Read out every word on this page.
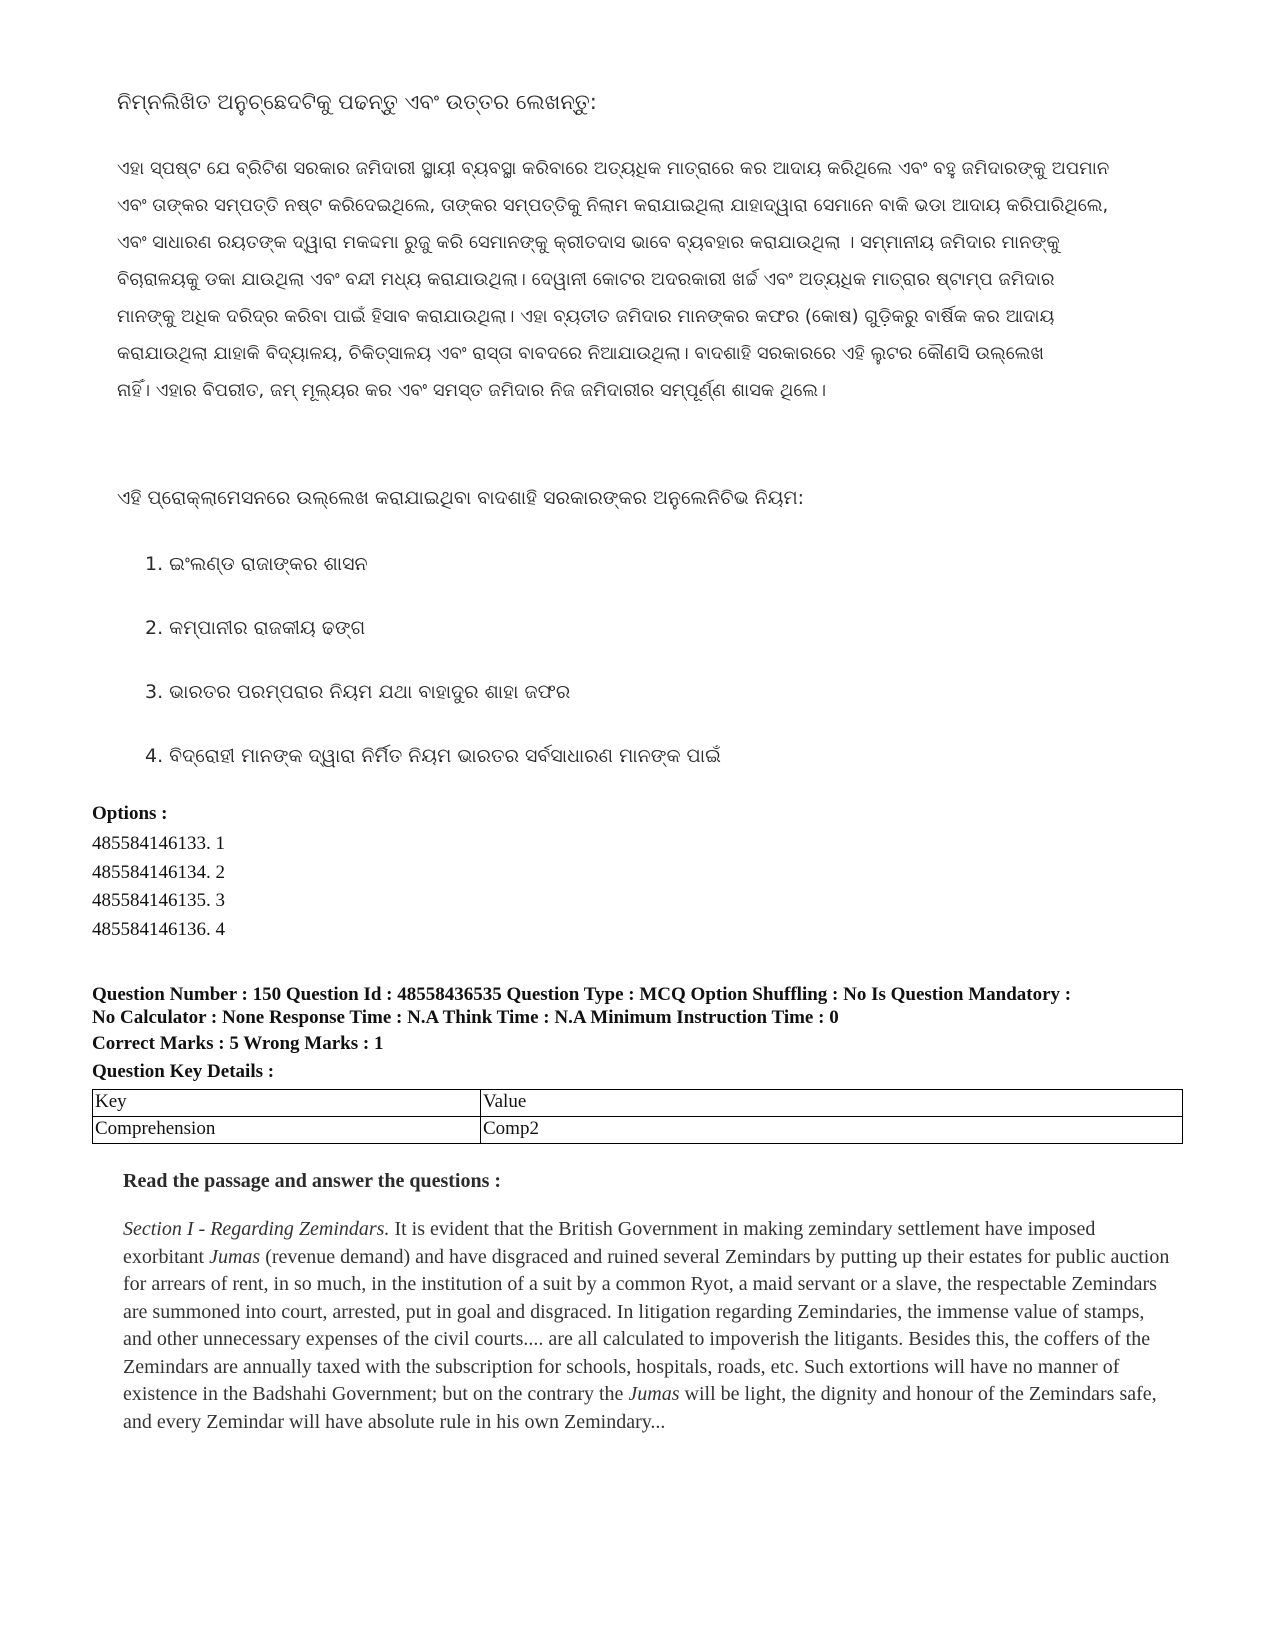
ନିମ୍ନଲିଖିତ ଅନୁଚ୍ଛେଦଟିକୁ ପଢନ୍ତୁ ଏବଂ ଉତ୍ତର ଲେଖନ୍ତୁ:

ଏହା ସ୍ପଷ୍ଟ ଯେ ବ୍ରିଟିଶ ସରକାର ଜମିଦାରୀ ସ୍ଥାୟୀ ବ୍ୟବସ୍ଥା କରିବାରେ ଅତ୍ୟଧିକ ମାତ୍ରାରେ କର ଆଦାୟ କରିଥିଲେ ଏବଂ ବହୁ ଜମିଦାରଙ୍କୁ ଅପମାନ

ଏବଂ ତାଙ୍କର ସମ୍ପତ୍ତି ନଷ୍ଟ କରିଦେଇଥିଲେ, ତାଙ୍କର ସମ୍ପତ୍ତିକୁ ନିଲାମ କରାଯାଇଥିଲା ଯାହାଦ୍ୱାରା ସେମାନେ ବାକି ଭଡା ଆଦାୟ କରିପାରିଥିଲେ,

ଏବଂ ସାଧାରଣ ରୟତଙ୍କ ଦ୍ୱାରା ମକଦ୍ଦମା ରୁଜୁ କରି ସେମାନଙ୍କୁ କ୍ରୀତଦାସ ଭାବେ ବ୍ୟବହାର କରାଯାଉଥିଲା । ସମ୍ମାନୀୟ ଜମିଦାର ମାନଙ୍କୁ

ବିଚାରାଳୟକୁ ଡକା ଯାଉଥିଲା ଏବଂ ବନ୍ଦୀ ମଧ୍ୟ କରାଯାଉଥିଲା। ଦେୱାନୀ କୋଟର ଅଦରକାରୀ ଖର୍ଚ୍ଚ ଏବଂ ଅତ୍ୟଧିକ ମାତ୍ରାର ଷ୍ଟାମ୍ପ ଜମିଦାର

ମାନଙ୍କୁ ଅଧିକ ଦରିଦ୍ର କରିବା ପାଇଁ ହିସାବ କରାଯାଉଥିଲା। ଏହା ବ୍ୟତୀତ ଜମିଦାର ମାନଙ୍କର କଫର (କୋଷ) ଗୁଡ଼ିକରୁ ବାର୍ଷିକ କର ଆଦାୟ

କରାଯାଉଥିଲା ଯାହାକି ବିଦ୍ୟାଳୟ, ଚିକିତ୍ସାଳୟ ଏବଂ ରାସ୍ତା ବାବଦରେ ନିଆଯାଉଥିଲା। ବାଦଶାହି ସରକାରରେ ଏହି ଲୁଟର କୌଣସି ଉଲ୍ଲେଖ

ନାହିଁ। ଏହାର ବିପରୀତ, ଜମ୍ ମୂଲ୍ୟର କର ଏବଂ ସମସ୍ତ ଜମିଦାର ନିଜ ଜମିଦାରୀର ସମ୍ପୂର୍ଣ୍ଣ ଶାସକ ଥିଲେ।

ଏହି ପ୍ରୋକ୍ଲାମେସନରେ ଉଲ୍ଲେଖ କରାଯାଇଥିବା ବାଦଶାହି ସରକାରଙ୍କର ଅନୁଲେନିଚିଭ ନିୟମ:
1. ଇଂଲଣ୍ଡ ରାଜାଙ୍କର ଶାସନ
2. କମ୍ପାନୀର ରାଜକୀୟ ଢଙ୍ଗ
3. ଭାରତର ପରମ୍ପରାର ନିୟମ ଯଥା ବାହାଦୁର ଶାହା ଜଫର
4. ବିଦ୍ରୋହୀ ମାନଙ୍କ ଦ୍ୱାରା ନିର୍ମିତ ନିୟମ ଭାରତର ସର୍ବସାଧାରଣ ମାନଙ୍କ ପାଇଁ
Options :
485584146133. 1
485584146134. 2
485584146135. 3
485584146136. 4
Question Number : 150 Question Id : 48558436535 Question Type : MCQ Option Shuffling : No Is Question Mandatory :
No Calculator : None Response Time : N.A Think Time : N.A Minimum Instruction Time : 0
Correct Marks : 5 Wrong Marks : 1
Question Key Details :
Key	Value
Comprehension	Comp2
Read the passage and answer the questions :

Section I - Regarding Zemindars. It is evident that the British Government in making zemindary settlement have imposed exorbitant Jumas (revenue demand) and have disgraced and ruined several Zemindars by putting up their estates for public auction for arrears of rent, in so much, in the institution of a suit by a common Ryot, a maid servant or a slave, the respectable Zemindars are summoned into court, arrested, put in goal and disgraced. In litigation regarding Zemindaries, the immense value of stamps, and other unnecessary expenses of the civil courts.... are all calculated to impoverish the litigants. Besides this, the coffers of the Zemindars are annually taxed with the subscription for schools, hospitals, roads, etc. Such extortions will have no manner of existence in the Badshahi Government; but on the contrary the Jumas will be light, the dignity and honour of the Zemindars safe, and every Zemindar will have absolute rule in his own Zemindary...
